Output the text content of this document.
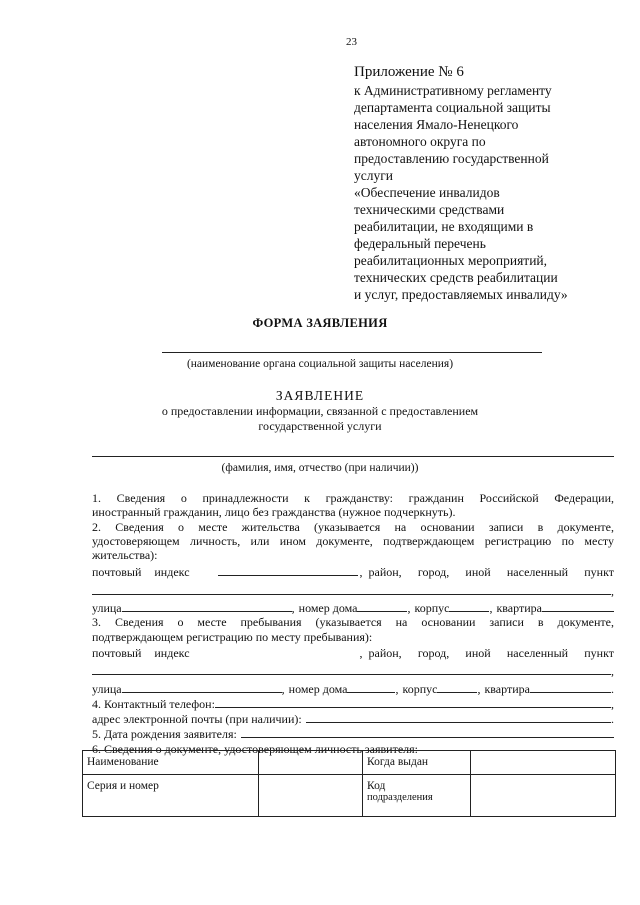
23
Приложение № 6
к Административному регламенту
департамента социальной защиты
населения Ямало-Ненецкого
автономного округа по
предоставлению государственной
услуги
«Обеспечение инвалидов
техническими средствами
реабилитации, не входящими в
федеральный перечень
реабилитационных мероприятий,
технических средств реабилитации
и услуг, предоставляемых инвалиду»
ФОРМА ЗАЯВЛЕНИЯ
(наименование органа социальной защиты населения)
ЗАЯВЛЕНИЕ
о предоставлении информации, связанной с предоставлением
государственной услуги
(фамилия, имя, отчество (при наличии))
1. Сведения о принадлежности к гражданству: гражданин Российской Федерации,
иностранный гражданин, лицо без гражданства (нужное подчеркнуть).
2. Сведения о месте жительства (указывается на основании записи в документе,
удостоверяющем личность, или ином документе, подтверждающем регистрацию по месту
жительства):
почтовый индекс	, район, город, иной населенный пункт
,
улица	, номер дома	, корпус	, квартира
3. Сведения о месте пребывания (указывается на основании записи в документе,
подтверждающем регистрацию по месту пребывания):
почтовый индекс	, район, город, иной населенный пункт
,
улица	, номер дома	, корпус	, квартира	.
4. Контактный телефон:	,
адрес электронной почты (при наличии):	.
5. Дата рождения заявителя:
6. Сведения о документе, удостоверяющем личность заявителя:
Наименование		Когда выдан	
Серия и номер		Код
подразделения	
